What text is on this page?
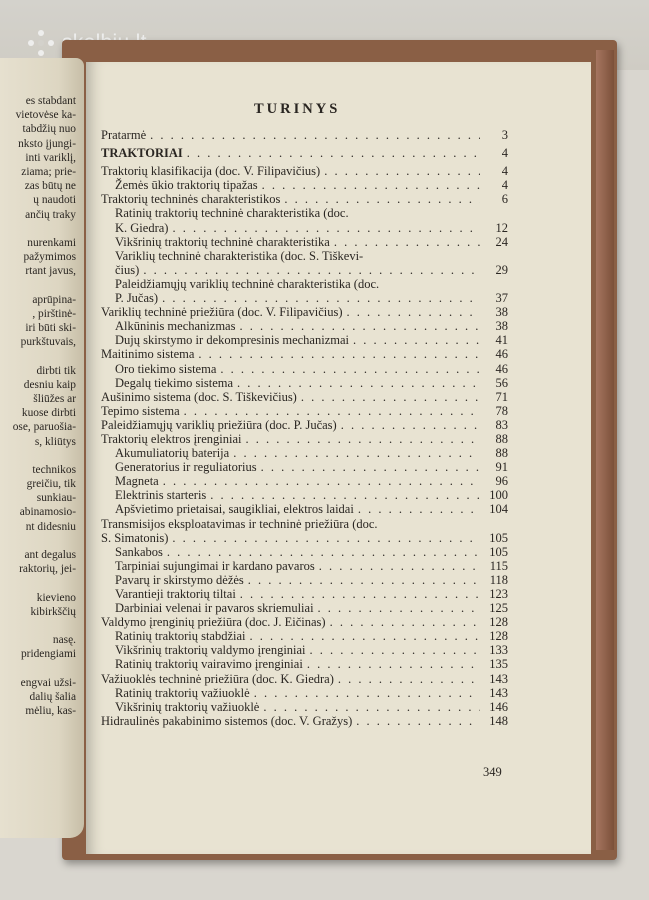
es stabdant
vietovėse ka-
tabdžių nuo
nksto įjungi-
inti variklį,
ziama; prie-
zas būtų ne
ų naudoti
ančių traky
nurenkami
pažymimos
rtant javus,
aprūpina-
, pirštinė-
iri būti ski-
purkštuvais,
dirbti tik
desniu kaip
šliūžes ar
kuose dirbti
ose, paruošia-
s, kliūtys
technikos
greičiu, tik
sunkiau-
abinamosio-
nt didesniu
ant degalus
raktorių, jei-
kievieno
kibirkščių
nasę.
pridengiami
engvai užsi-
dalių šalia
mėliu, kas-
TURINYS
Pratarmė . . .	3
TRAKTORIAI . . .	4
Traktorių klasifikacija (doc. V. Filipavičius) . . .	4
Žemės ūkio traktorių tipažas . . .	4
Traktorių techninės charakteristikos . . .	6
Ratinių traktorių techninė charakteristika (doc.
K. Giedra) . . .	12
Vikšrinių traktorių techninė charakteristika . . .	24
Variklių techninė charakteristika (doc. S. Tiškevi-
čius) . . .	29
Paleidžiamųjų variklių techninė charakteristika (doc.
P. Jučas) . . .	37
Variklių techninė priežiūra (doc. V. Filipavičius) . . .	38
Alkūninis mechanizmas . . .	38
Dujų skirstymo ir dekompresinis mechanizmai . . .	41
Maitinimo sistema . . .	46
Oro tiekimo sistema . . .	46
Degalų tiekimo sistema . . .	56
Aušinimo sistema (doc. S. Tiškevičius) . . .	71
Tepimo sistema . . .	78
Paleidžiamųjų variklių priežiūra (doc. P. Jučas) . . .	83
Traktorių elektros įrenginiai . . .	88
Akumuliatorių baterija . . .	88
Generatorius ir reguliatorius . . .	91
Magneta . . .	96
Elektrinis starteris . . .	100
Apšvietimo prietaisai, saugikliai, elektros laidai . . .	104
Transmisijos eksploatavimas ir techninė priežiūra (doc.
S. Simatonis) . . .	105
Sankabos . . .	105
Tarpiniai sujungimai ir kardano pavaros . . .	115
Pavarų ir skirstymo dėžės . . .	118
Varantieji traktorių tiltai . . .	123
Darbiniai velenai ir pavaros skriemuliai . . .	125
Valdymo įrenginių priežiūra (doc. J. Eičinas) . . .	128
Ratinių traktorių stabdžiai . . .	128
Vikšrinių traktorių valdymo įrenginiai . . .	133
Ratinių traktorių vairavimo įrenginiai . . .	135
Važiuoklės techninė priežiūra (doc. K. Giedra) . . .	143
Ratinių traktorių važiuoklė . . .	143
Vikšrinių traktorių važiuoklė . . .	146
Hidraulinės pakabinimo sistemos (doc. V. Gražys) . . .	148
349
